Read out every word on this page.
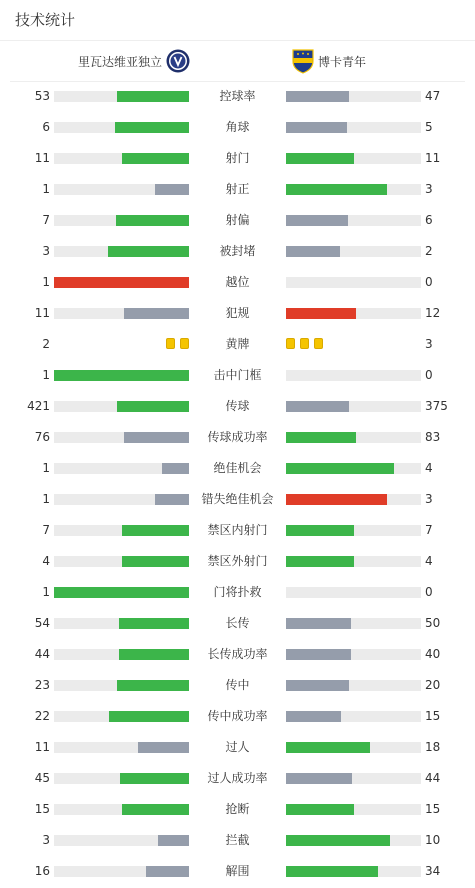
技术统计
里瓦达维亚独立	博卡青年
53	控球率	47
6	角球	5
11	射门	11
1	射正	3
7	射偏	6
3	被封堵	2
1	越位	0
11	犯规	12
2	黄牌	3
1	击中门框	0
421	传球	375
76	传球成功率	83
1	绝佳机会	4
1	错失绝佳机会	3
7	禁区内射门	7
4	禁区外射门	4
1	门将扑救	0
54	长传	50
44	长传成功率	40
23	传中	20
22	传中成功率	15
11	过人	18
45	过人成功率	44
15	抢断	15
3	拦截	10
16	解围	34
